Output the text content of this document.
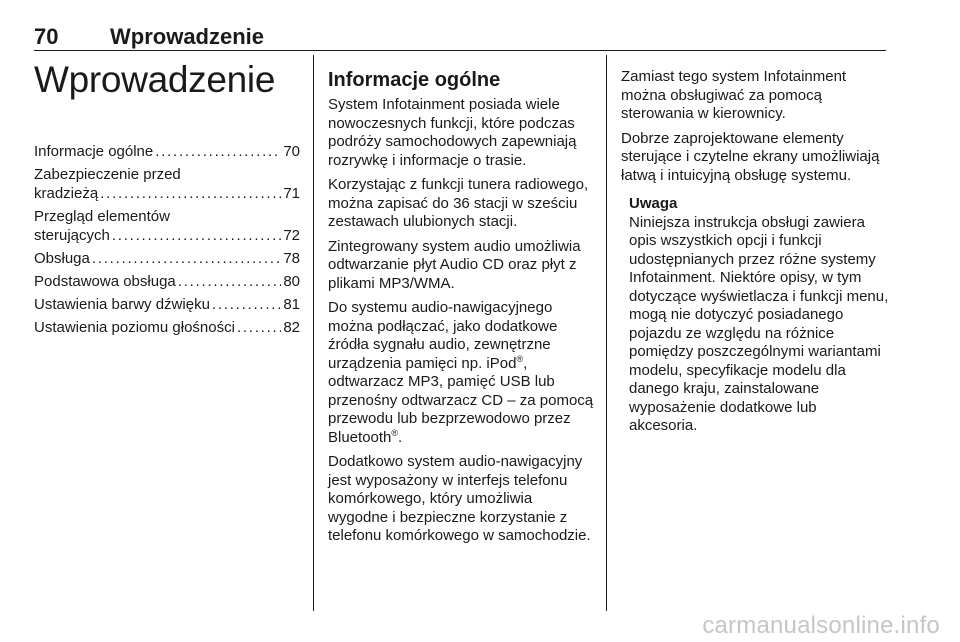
70 Wprowadzenie
Wprowadzenie
Informacje ogólne . . .	70
Zabezpieczenie przed
kradzieżą . . .	71
Przegląd elementów
sterujących . . .	72
Obsługa . . .	78
Podstawowa obsługa . . .	80
Ustawienia barwy dźwięku . . .	81
Ustawienia poziomu głośności . . .	82
Informacje ogólne

System Infotainment posiada wiele nowoczesnych funkcji, które podczas podróży samochodowych zapewniają rozrywkę i informacje o trasie.

Korzystając z funkcji tunera radiowego, można zapisać do 36 stacji w sześciu zestawach ulubionych stacji.

Zintegrowany system audio umożliwia odtwarzanie płyt Audio CD oraz płyt z plikami MP3/WMA.

Do systemu audio-nawigacyjnego można podłączać, jako dodatkowe źródła sygnału audio, zewnętrzne urządzenia pamięci np. iPod®, odtwarzacz MP3, pamięć USB lub przenośny odtwarzacz CD – za pomocą przewodu lub bezprzewodowo przez Bluetooth®.

Dodatkowo system audio-nawigacyjny jest wyposażony w interfejs telefonu komórkowego, który umożliwia wygodne i bezpieczne korzystanie z telefonu komórkowego w samochodzie.

Zamiast tego system Infotainment można obsługiwać za pomocą sterowania w kierownicy.

Dobrze zaprojektowane elementy sterujące i czytelne ekrany umożliwiają łatwą i intuicyjną obsługę systemu.

Uwaga

Niniejsza instrukcja obsługi zawiera opis wszystkich opcji i funkcji udostępnianych przez różne systemy Infotainment. Niektóre opisy, w tym dotyczące wyświetlacza i funkcji menu, mogą nie dotyczyć posiadanego pojazdu ze względu na różnice pomiędzy poszczególnymi wariantami modelu, specyfikacje modelu dla danego kraju, zainstalowane wyposażenie dodatkowe lub akcesoria.

carmanualsonline.info
